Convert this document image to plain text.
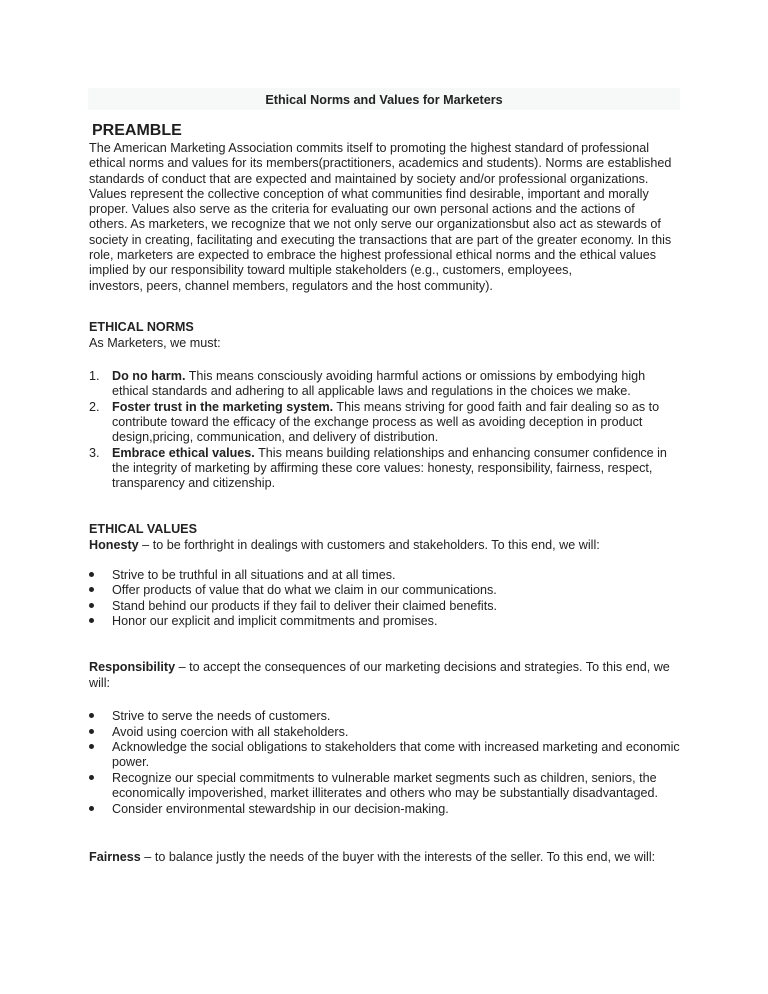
Ethical Norms and Values for Marketers
PREAMBLE
The American Marketing Association commits itself to promoting the highest standard of professional
ethical norms and values for its members(practitioners, academics and students). Norms are established
standards of conduct that are expected and maintained by society and/or professional organizations.
Values represent the collective conception of what communities find desirable, important and morally
proper. Values also serve as the criteria for evaluating our own personal actions and the actions of
others. As marketers, we recognize that we not only serve our organizationsbut also act as stewards of
society in creating, facilitating and executing the transactions that are part of the greater economy. In this
role, marketers are expected to embrace the highest professional ethical norms and the ethical values
implied by our responsibility toward multiple stakeholders (e.g., customers, employees,
investors, peers, channel members, regulators and the host community).
ETHICAL NORMS
As Marketers, we must:
1. Do no harm. This means consciously avoiding harmful actions or omissions by embodying high
ethical standards and adhering to all applicable laws and regulations in the choices we make.
2. Foster trust in the marketing system. This means striving for good faith and fair dealing so as to
contribute toward the efficacy of the exchange process as well as avoiding deception in product
design,pricing, communication, and delivery of distribution.
3. Embrace ethical values. This means building relationships and enhancing consumer confidence in
the integrity of marketing by affirming these core values: honesty, responsibility, fairness, respect,
transparency and citizenship.
ETHICAL VALUES
Honesty – to be forthright in dealings with customers and stakeholders. To this end, we will:
Strive to be truthful in all situations and at all times.
Offer products of value that do what we claim in our communications.
Stand behind our products if they fail to deliver their claimed benefits.
Honor our explicit and implicit commitments and promises.
Responsibility – to accept the consequences of our marketing decisions and strategies. To this end, we
will:
Strive to serve the needs of customers.
Avoid using coercion with all stakeholders.
Acknowledge the social obligations to stakeholders that come with increased marketing and economic
power.
Recognize our special commitments to vulnerable market segments such as children, seniors, the
economically impoverished, market illiterates and others who may be substantially disadvantaged.
Consider environmental stewardship in our decision-making.
Fairness – to balance justly the needs of the buyer with the interests of the seller. To this end, we will:
